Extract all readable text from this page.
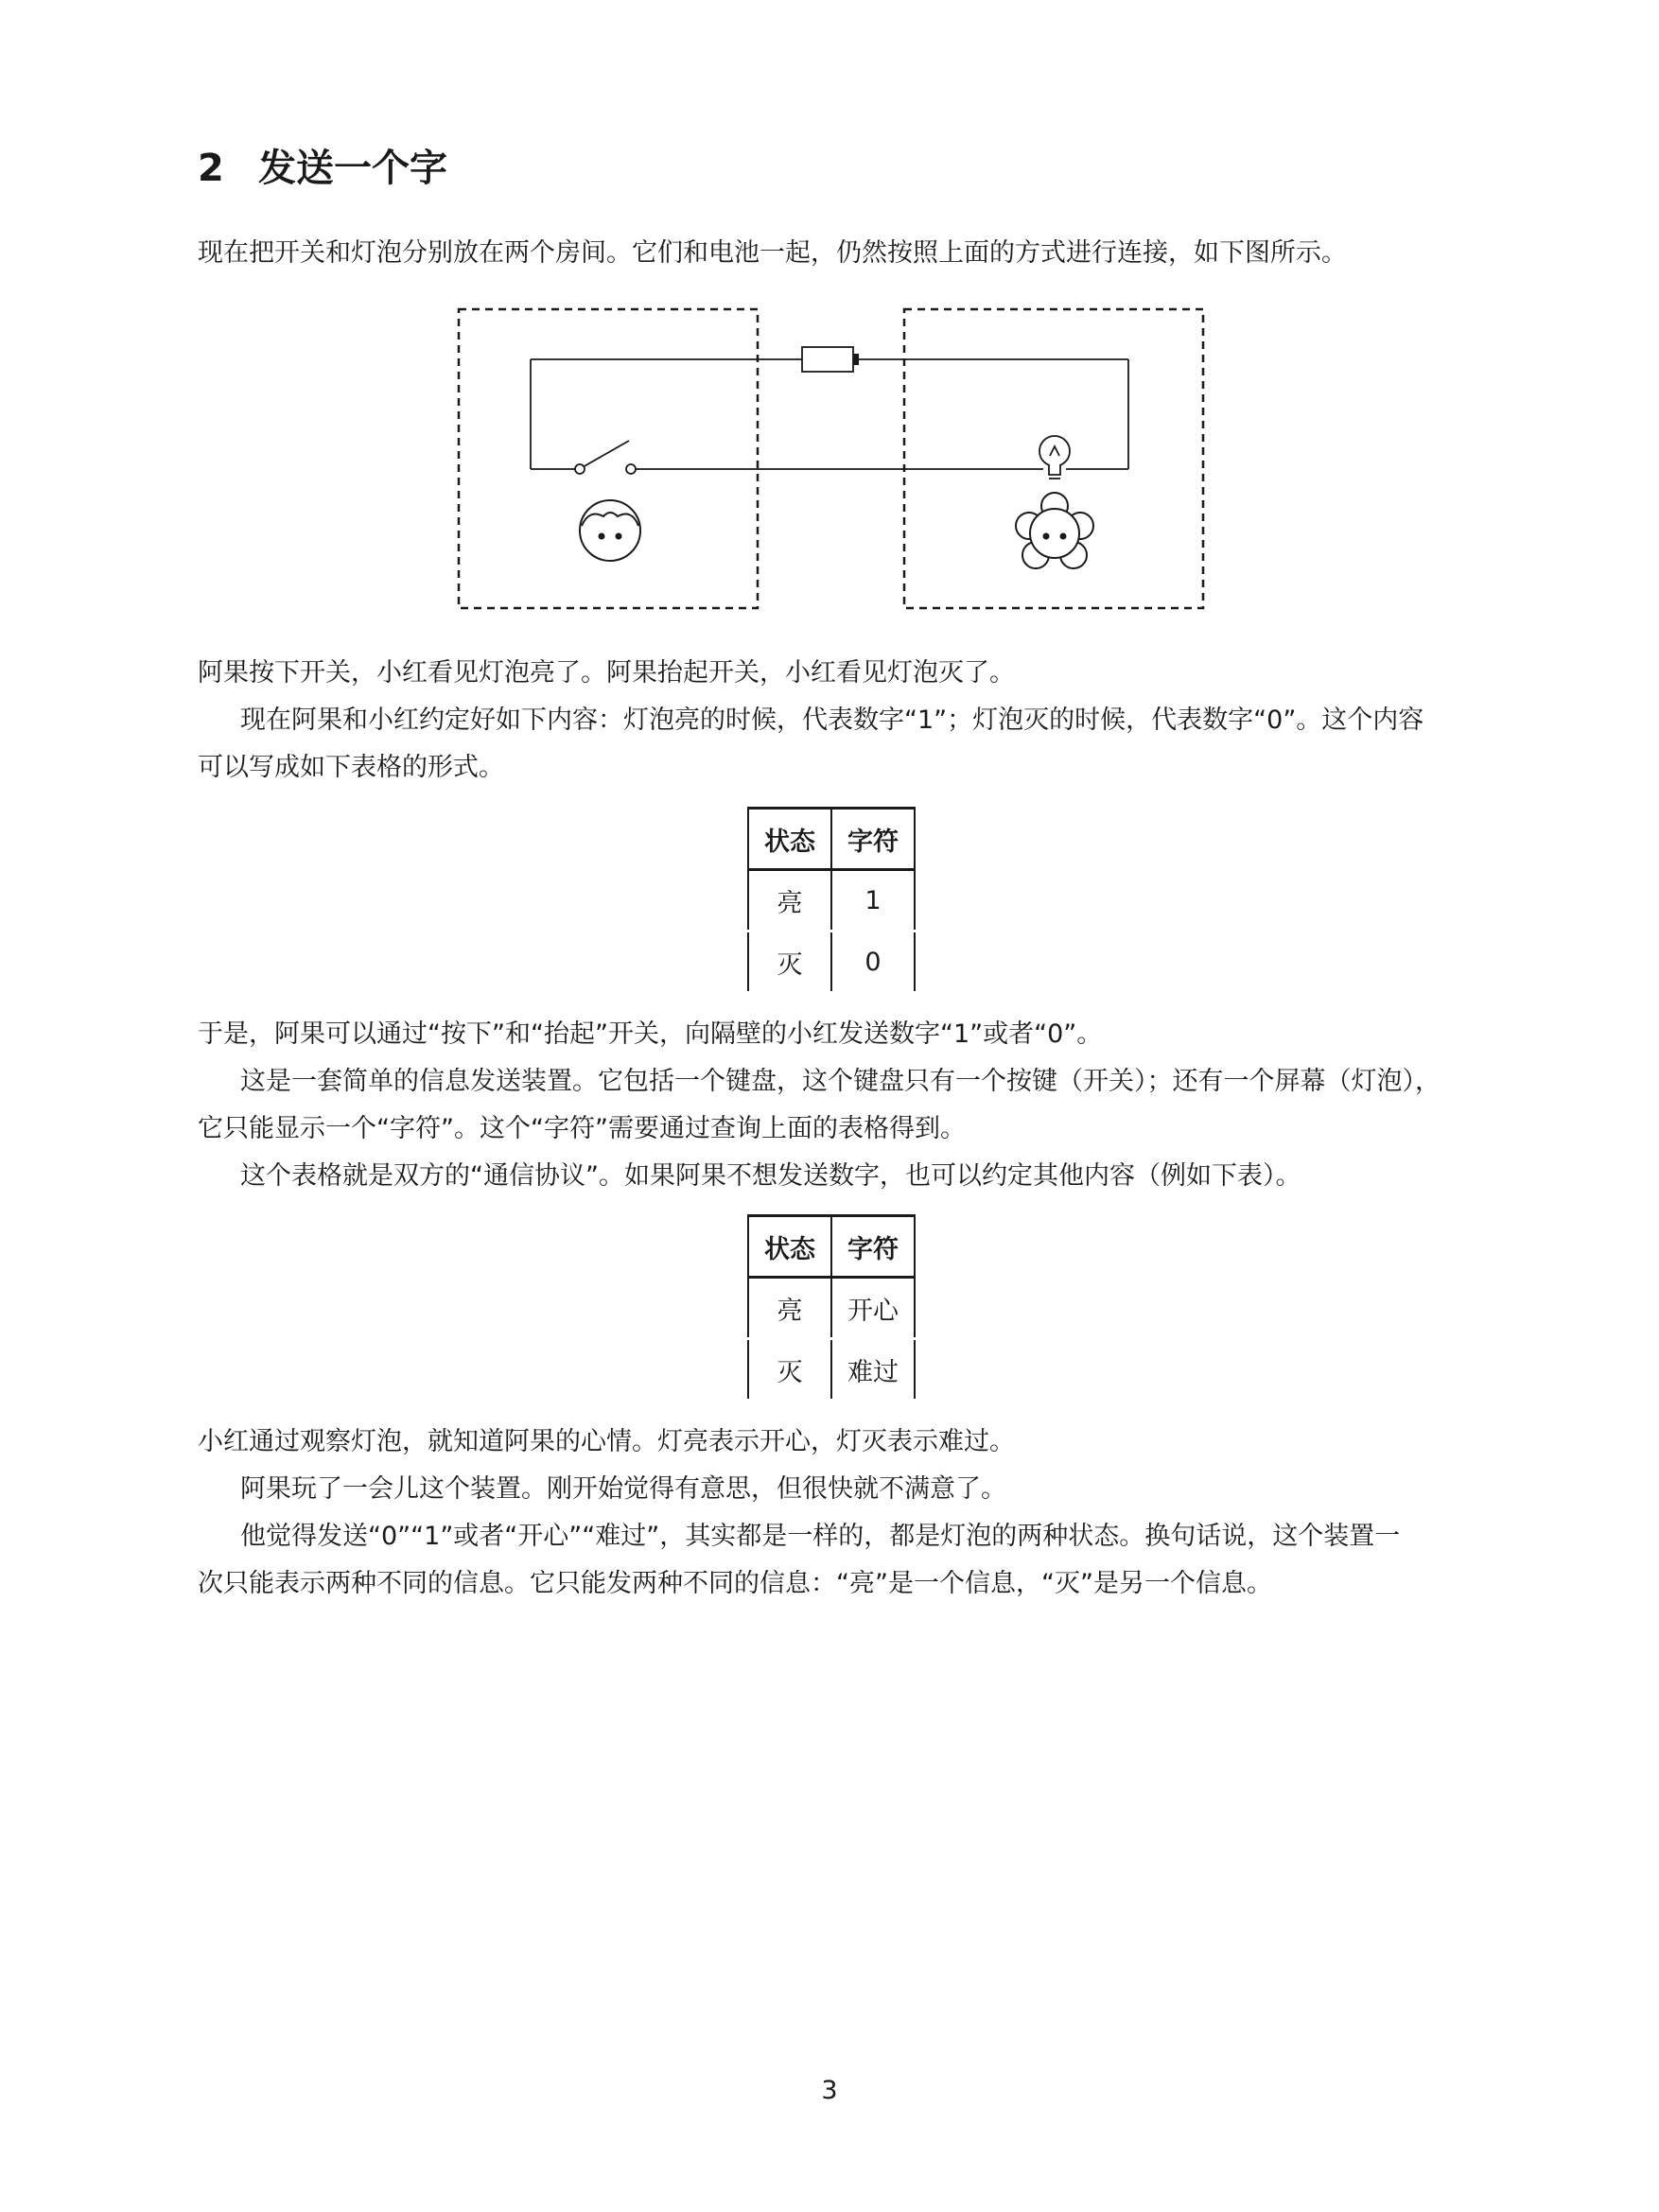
2 发送一个字

现在把开关和灯泡分别放在两个房间。它们和电池一起，仍然按照上面的方式进行连接，如下图所示。

阿果按下开关，小红看见灯泡亮了。阿果抬起开关，小红看见灯泡灭了。

现在阿果和小红约定好如下内容：灯泡亮的时候，代表数字“1”；灯泡灭的时候，代表数字“0”。这个内容

可以写成如下表格的形式。

状态	字符
亮	1
灭	0

于是，阿果可以通过“按下”和“抬起”开关，向隔壁的小红发送数字“1”或者“0”。

这是一套简单的信息发送装置。它包括一个键盘，这个键盘只有一个按键（开关）；还有一个屏幕（灯泡），

它只能显示一个“字符”。这个“字符”需要通过查询上面的表格得到。

这个表格就是双方的“通信协议”。如果阿果不想发送数字，也可以约定其他内容（例如下表）。

状态	字符
亮	开心
灭	难过

小红通过观察灯泡，就知道阿果的心情。灯亮表示开心，灯灭表示难过。

阿果玩了一会儿这个装置。刚开始觉得有意思，但很快就不满意了。

他觉得发送“0”“1”或者“开心”“难过”，其实都是一样的，都是灯泡的两种状态。换句话说，这个装置一

次只能表示两种不同的信息。它只能发两种不同的信息：“亮”是一个信息，“灭”是另一个信息。

3
